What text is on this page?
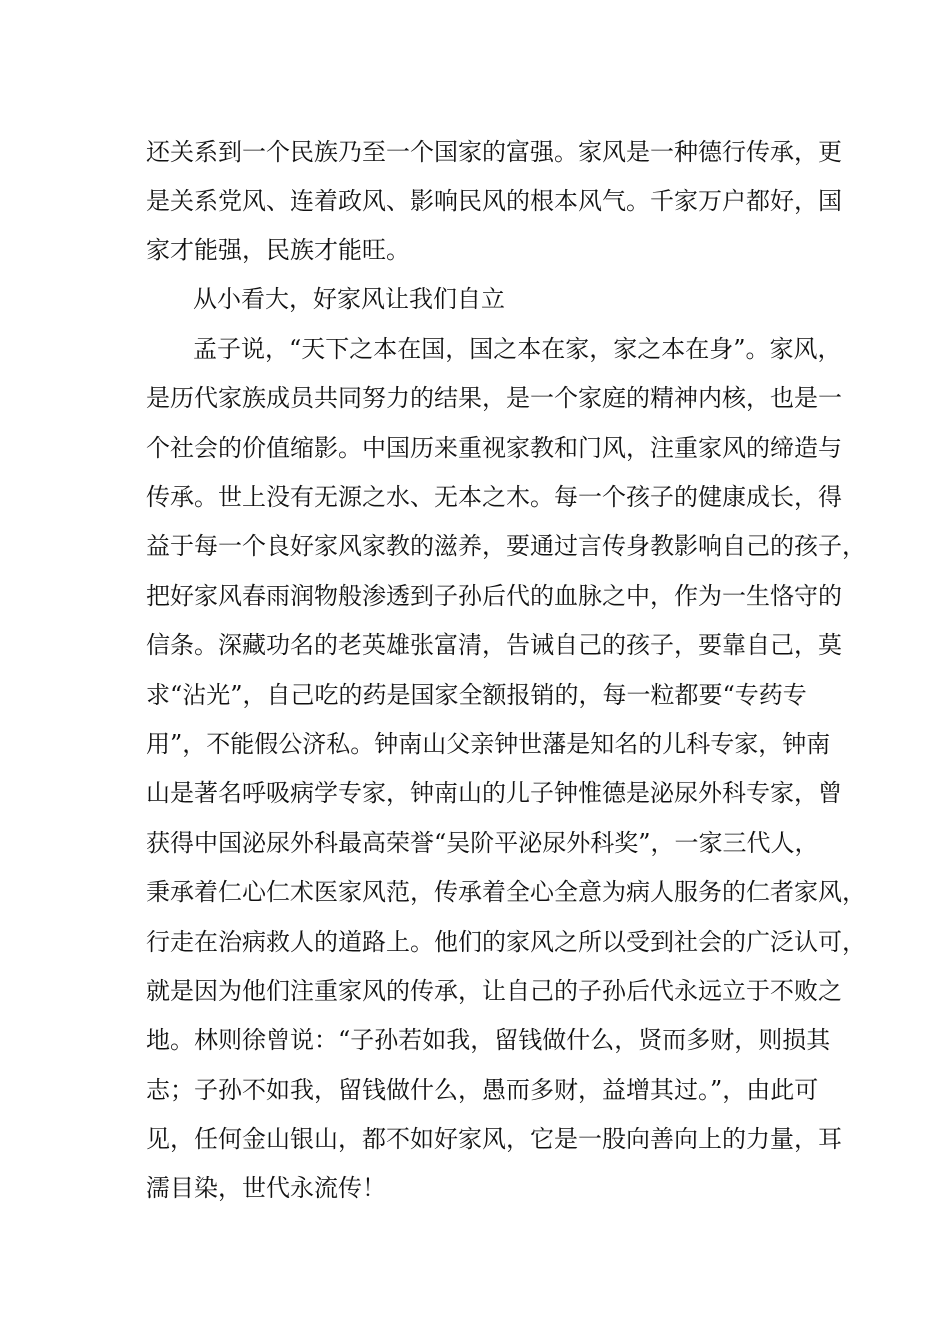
还关系到一个民族乃至一个国家的富强。家风是一种德行传承，更
是关系党风、连着政风、影响民风的根本风气。千家万户都好，国
家才能强，民族才能旺。
从小看大，好家风让我们自立
孟子说，“天下之本在国，国之本在家，家之本在身”。家风，
是历代家族成员共同努力的结果，是一个家庭的精神内核，也是一
个社会的价值缩影。中国历来重视家教和门风，注重家风的缔造与
传承。世上没有无源之水、无本之木。每一个孩子的健康成长，得
益于每一个良好家风家教的滋养，要通过言传身教影响自己的孩子，
把好家风春雨润物般渗透到子孙后代的血脉之中，作为一生恪守的
信条。深藏功名的老英雄张富清，告诫自己的孩子，要靠自己，莫
求“沾光”，自己吃的药是国家全额报销的，每一粒都要“专药专
用”，不能假公济私。钟南山父亲钟世藩是知名的儿科专家，钟南
山是著名呼吸病学专家，钟南山的儿子钟惟德是泌尿外科专家，曾
获得中国泌尿外科最高荣誉“吴阶平泌尿外科奖”，一家三代人，
秉承着仁心仁术医家风范，传承着全心全意为病人服务的仁者家风，
行走在治病救人的道路上。他们的家风之所以受到社会的广泛认可，
就是因为他们注重家风的传承，让自己的子孙后代永远立于不败之
地。林则徐曾说：“子孙若如我，留钱做什么，贤而多财，则损其
志；子孙不如我，留钱做什么，愚而多财，益增其过。”，由此可
见，任何金山银山，都不如好家风，它是一股向善向上的力量，耳
濡目染，世代永流传！
